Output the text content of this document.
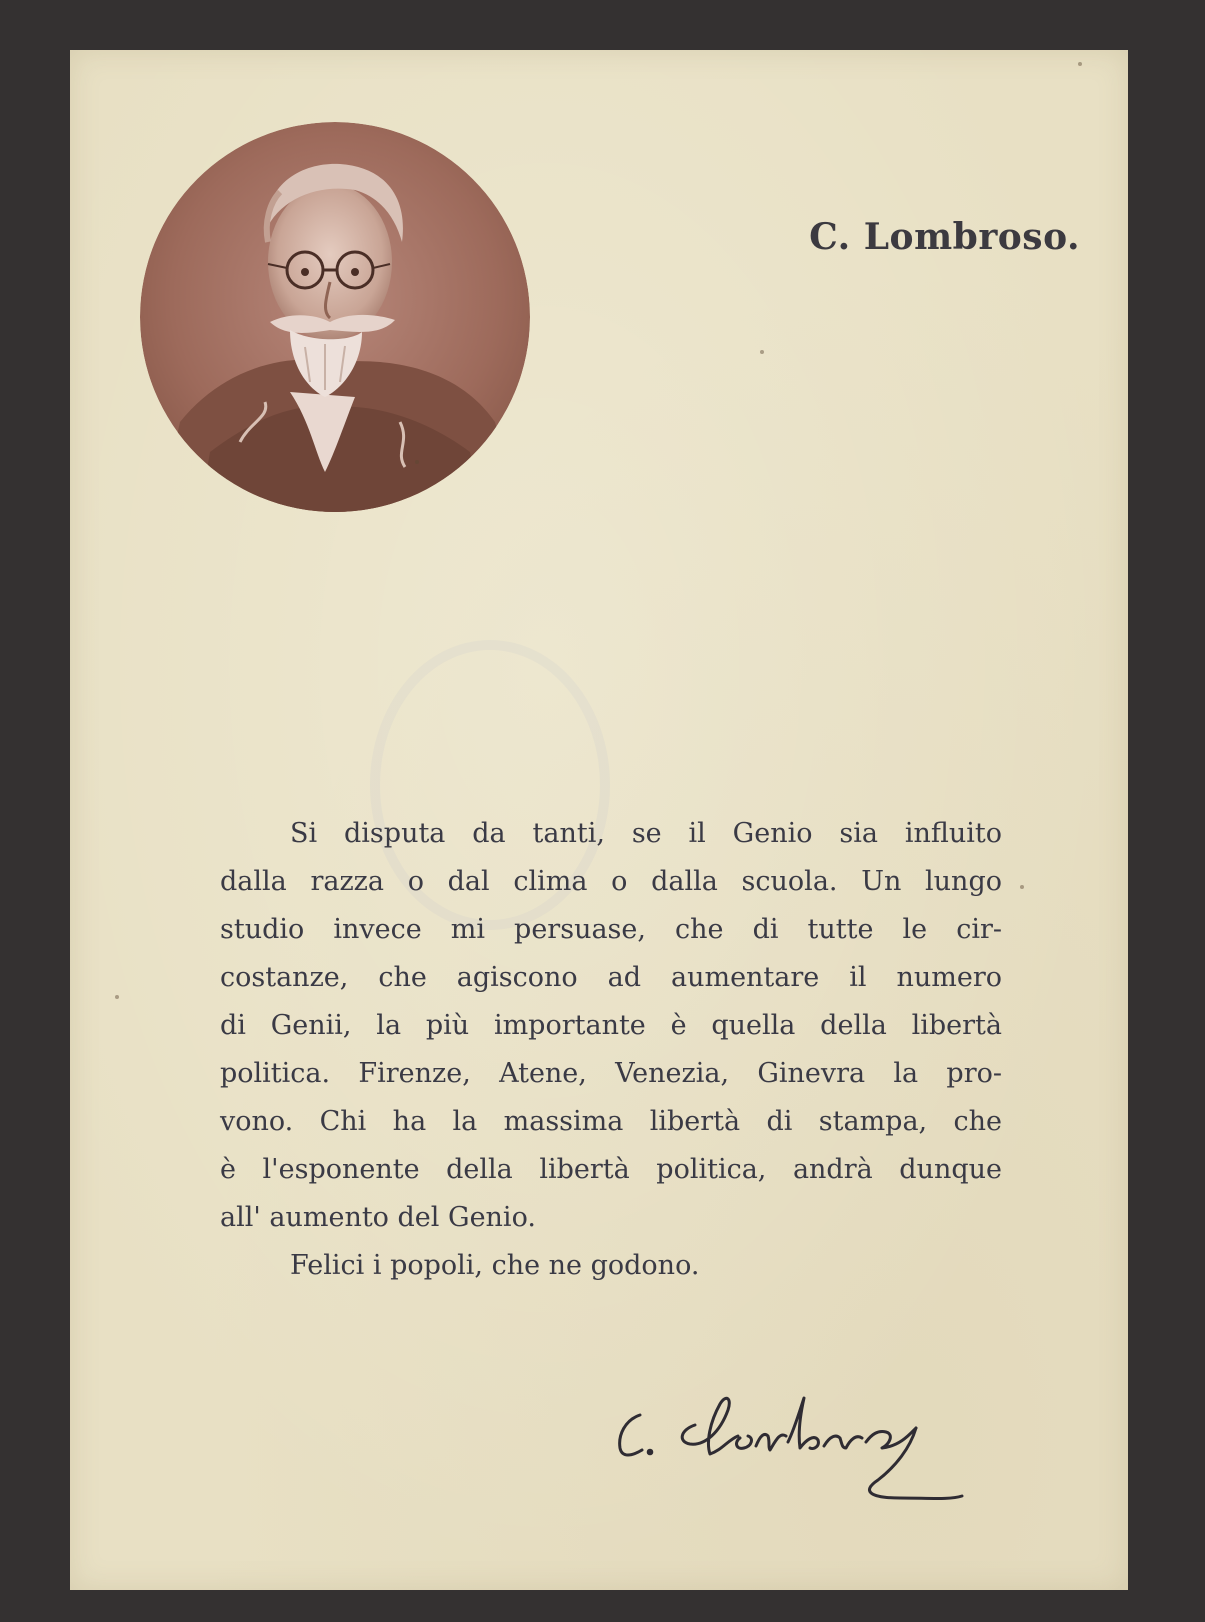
C. Lombroso.
Si disputa da tanti, se il Genio sia influito
dalla razza o dal clima o dalla scuola. Un lungo
studio invece mi persuase, che di tutte le cir-
costanze, che agiscono ad aumentare il numero
di Genii, la più importante è quella della libertà
politica. Firenze, Atene, Venezia, Ginevra la pro-
vono. Chi ha la massima libertà di stampa, che
è l'esponente della libertà politica, andrà dunque
all' aumento del Genio.
Felici i popoli, che ne godono.
